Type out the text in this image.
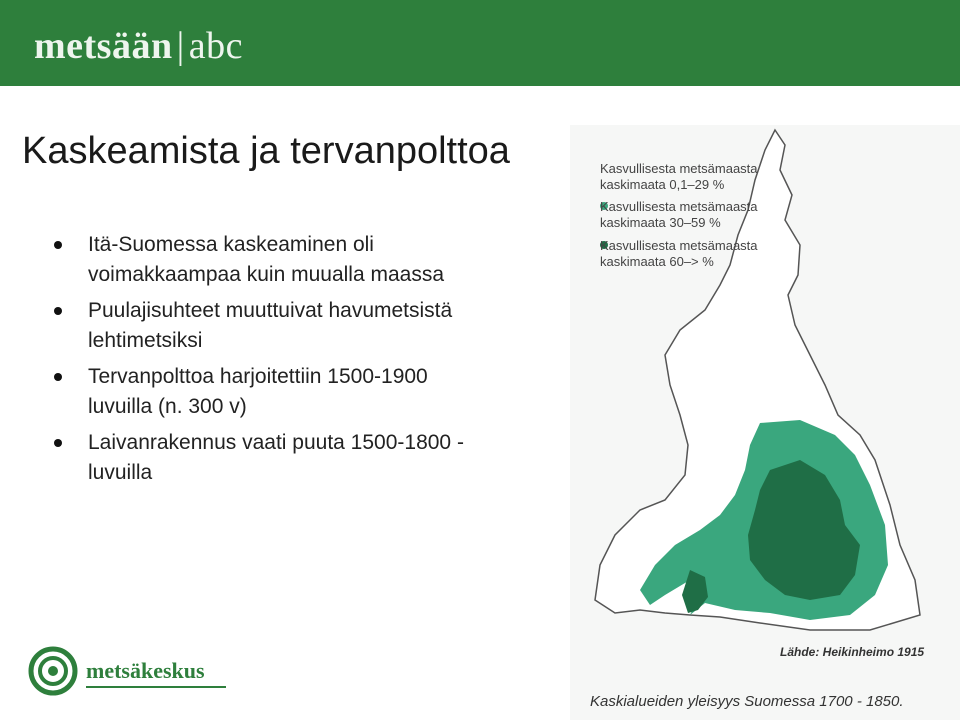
metsään | abc
Kaskeamista ja tervanpolttoa
Itä-Suomessa kaskeaminen oli voimakkaampaa kuin muualla maassa
Puulajisuhteet muuttuivat havumetsistä lehtimetsiksi
Tervanpolttoa harjoitettiin 1500-1900 luvuilla (n. 300 v)
Laivanrakennus vaati puuta 1500-1800 -luvuilla
Kasvullisesta metsämaasta
kaskimaata 0,1–29 %
Kasvullisesta metsämaasta
kaskimaata 30–59 %
Kasvullisesta metsämaasta
kaskimaata 60–> %
Lähde: Heikinheimo 1915
Kaskialueiden yleisyys Suomessa 1700 - 1850.
metsäkeskus
